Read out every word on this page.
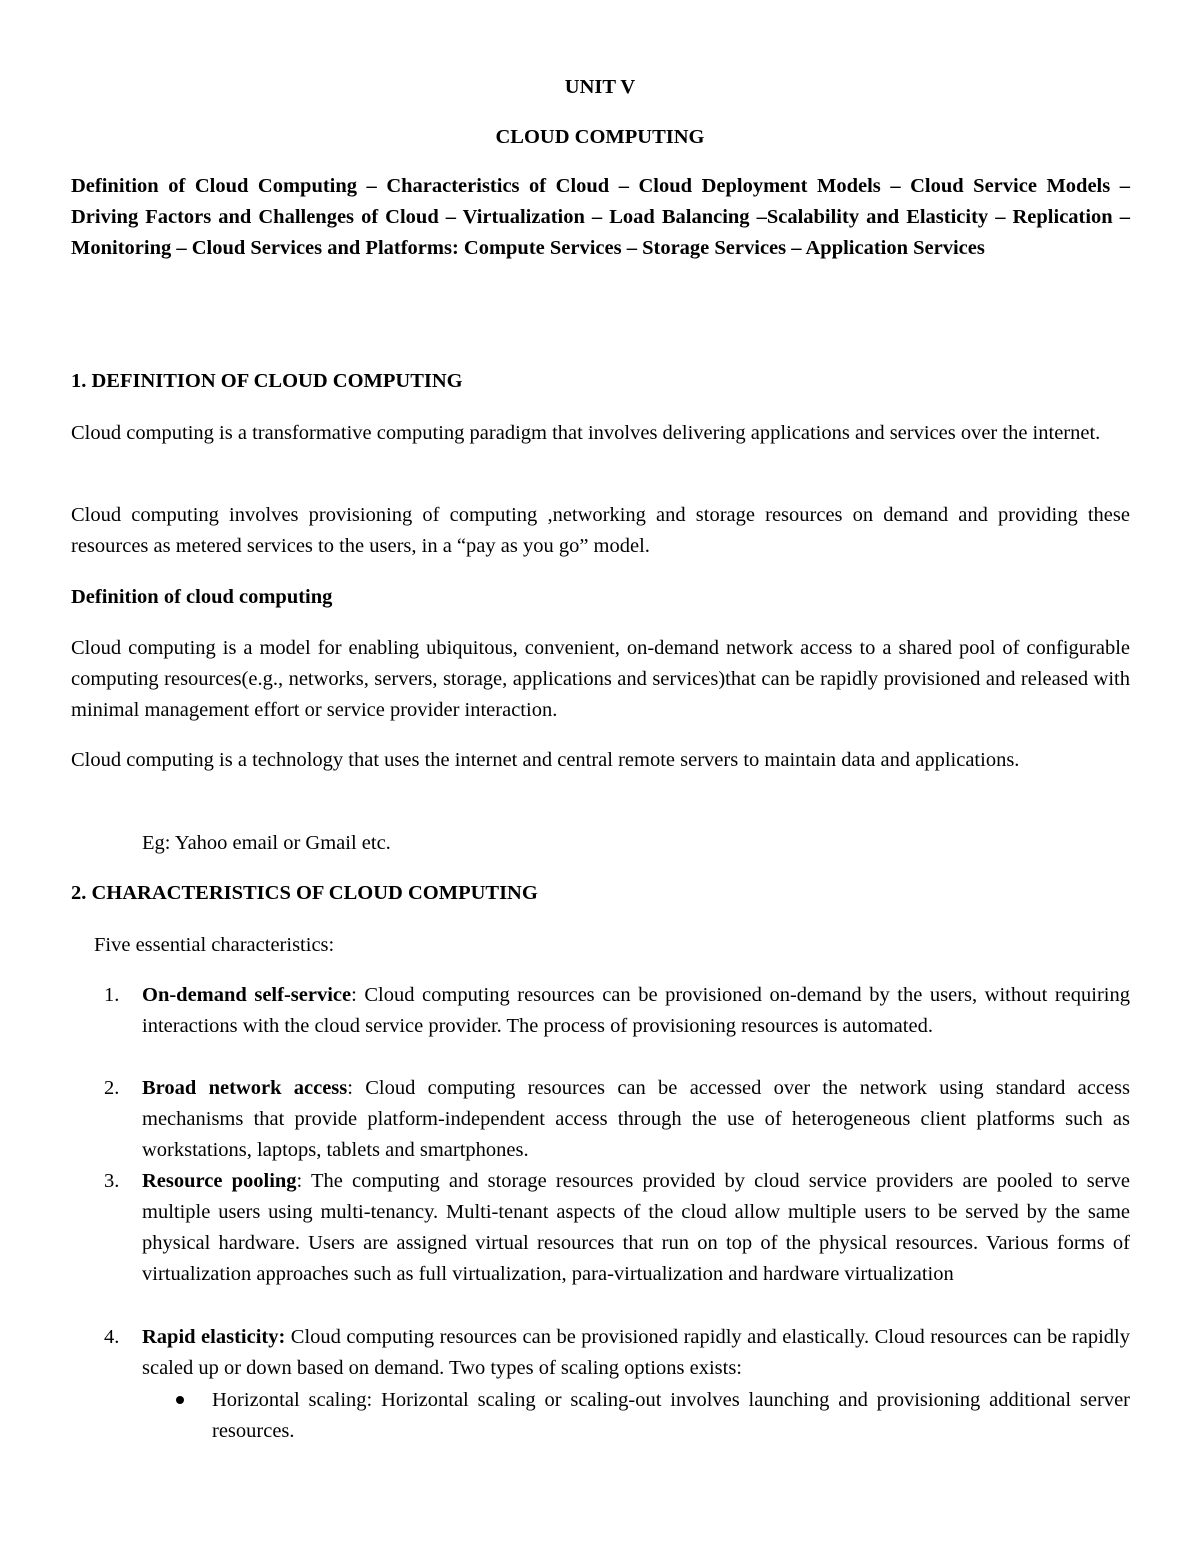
UNIT V
CLOUD COMPUTING
Definition of Cloud Computing – Characteristics of Cloud – Cloud Deployment Models – Cloud Service Models – Driving Factors and Challenges of Cloud – Virtualization – Load Balancing –Scalability and Elasticity – Replication – Monitoring – Cloud Services and Platforms: Compute Services – Storage Services – Application Services
1. DEFINITION OF CLOUD COMPUTING
Cloud computing is a transformative computing paradigm that involves delivering applications and services over the internet.
Cloud computing involves provisioning of computing ,networking and storage resources on demand and providing these resources as metered services to the users, in a “pay as you go” model.
Definition of cloud computing
Cloud computing is a model for enabling ubiquitous, convenient, on-demand network access to a shared pool of configurable computing resources(e.g., networks, servers, storage, applications and services)that can be rapidly provisioned and released with minimal management effort or service provider interaction.
Cloud computing is a technology that uses the internet and central remote servers to maintain data and applications.
Eg: Yahoo email or Gmail etc.
2. CHARACTERISTICS OF CLOUD COMPUTING
Five essential characteristics:
1. On-demand self-service: Cloud computing resources can be provisioned on-demand by the users, without requiring interactions with the cloud service provider. The process of provisioning resources is automated.
2. Broad network access: Cloud computing resources can be accessed over the network using standard access mechanisms that provide platform-independent access through the use of heterogeneous client platforms such as workstations, laptops, tablets and smartphones.
3. Resource pooling: The computing and storage resources provided by cloud service providers are pooled to serve multiple users using multi-tenancy. Multi-tenant aspects of the cloud allow multiple users to be served by the same physical hardware. Users are assigned virtual resources that run on top of the physical resources. Various forms of virtualization approaches such as full virtualization, para-virtualization and hardware virtualization
4. Rapid elasticity: Cloud computing resources can be provisioned rapidly and elastically. Cloud resources can be rapidly scaled up or down based on demand. Two types of scaling options exists:
Horizontal scaling: Horizontal scaling or scaling-out involves launching and provisioning additional server resources.
